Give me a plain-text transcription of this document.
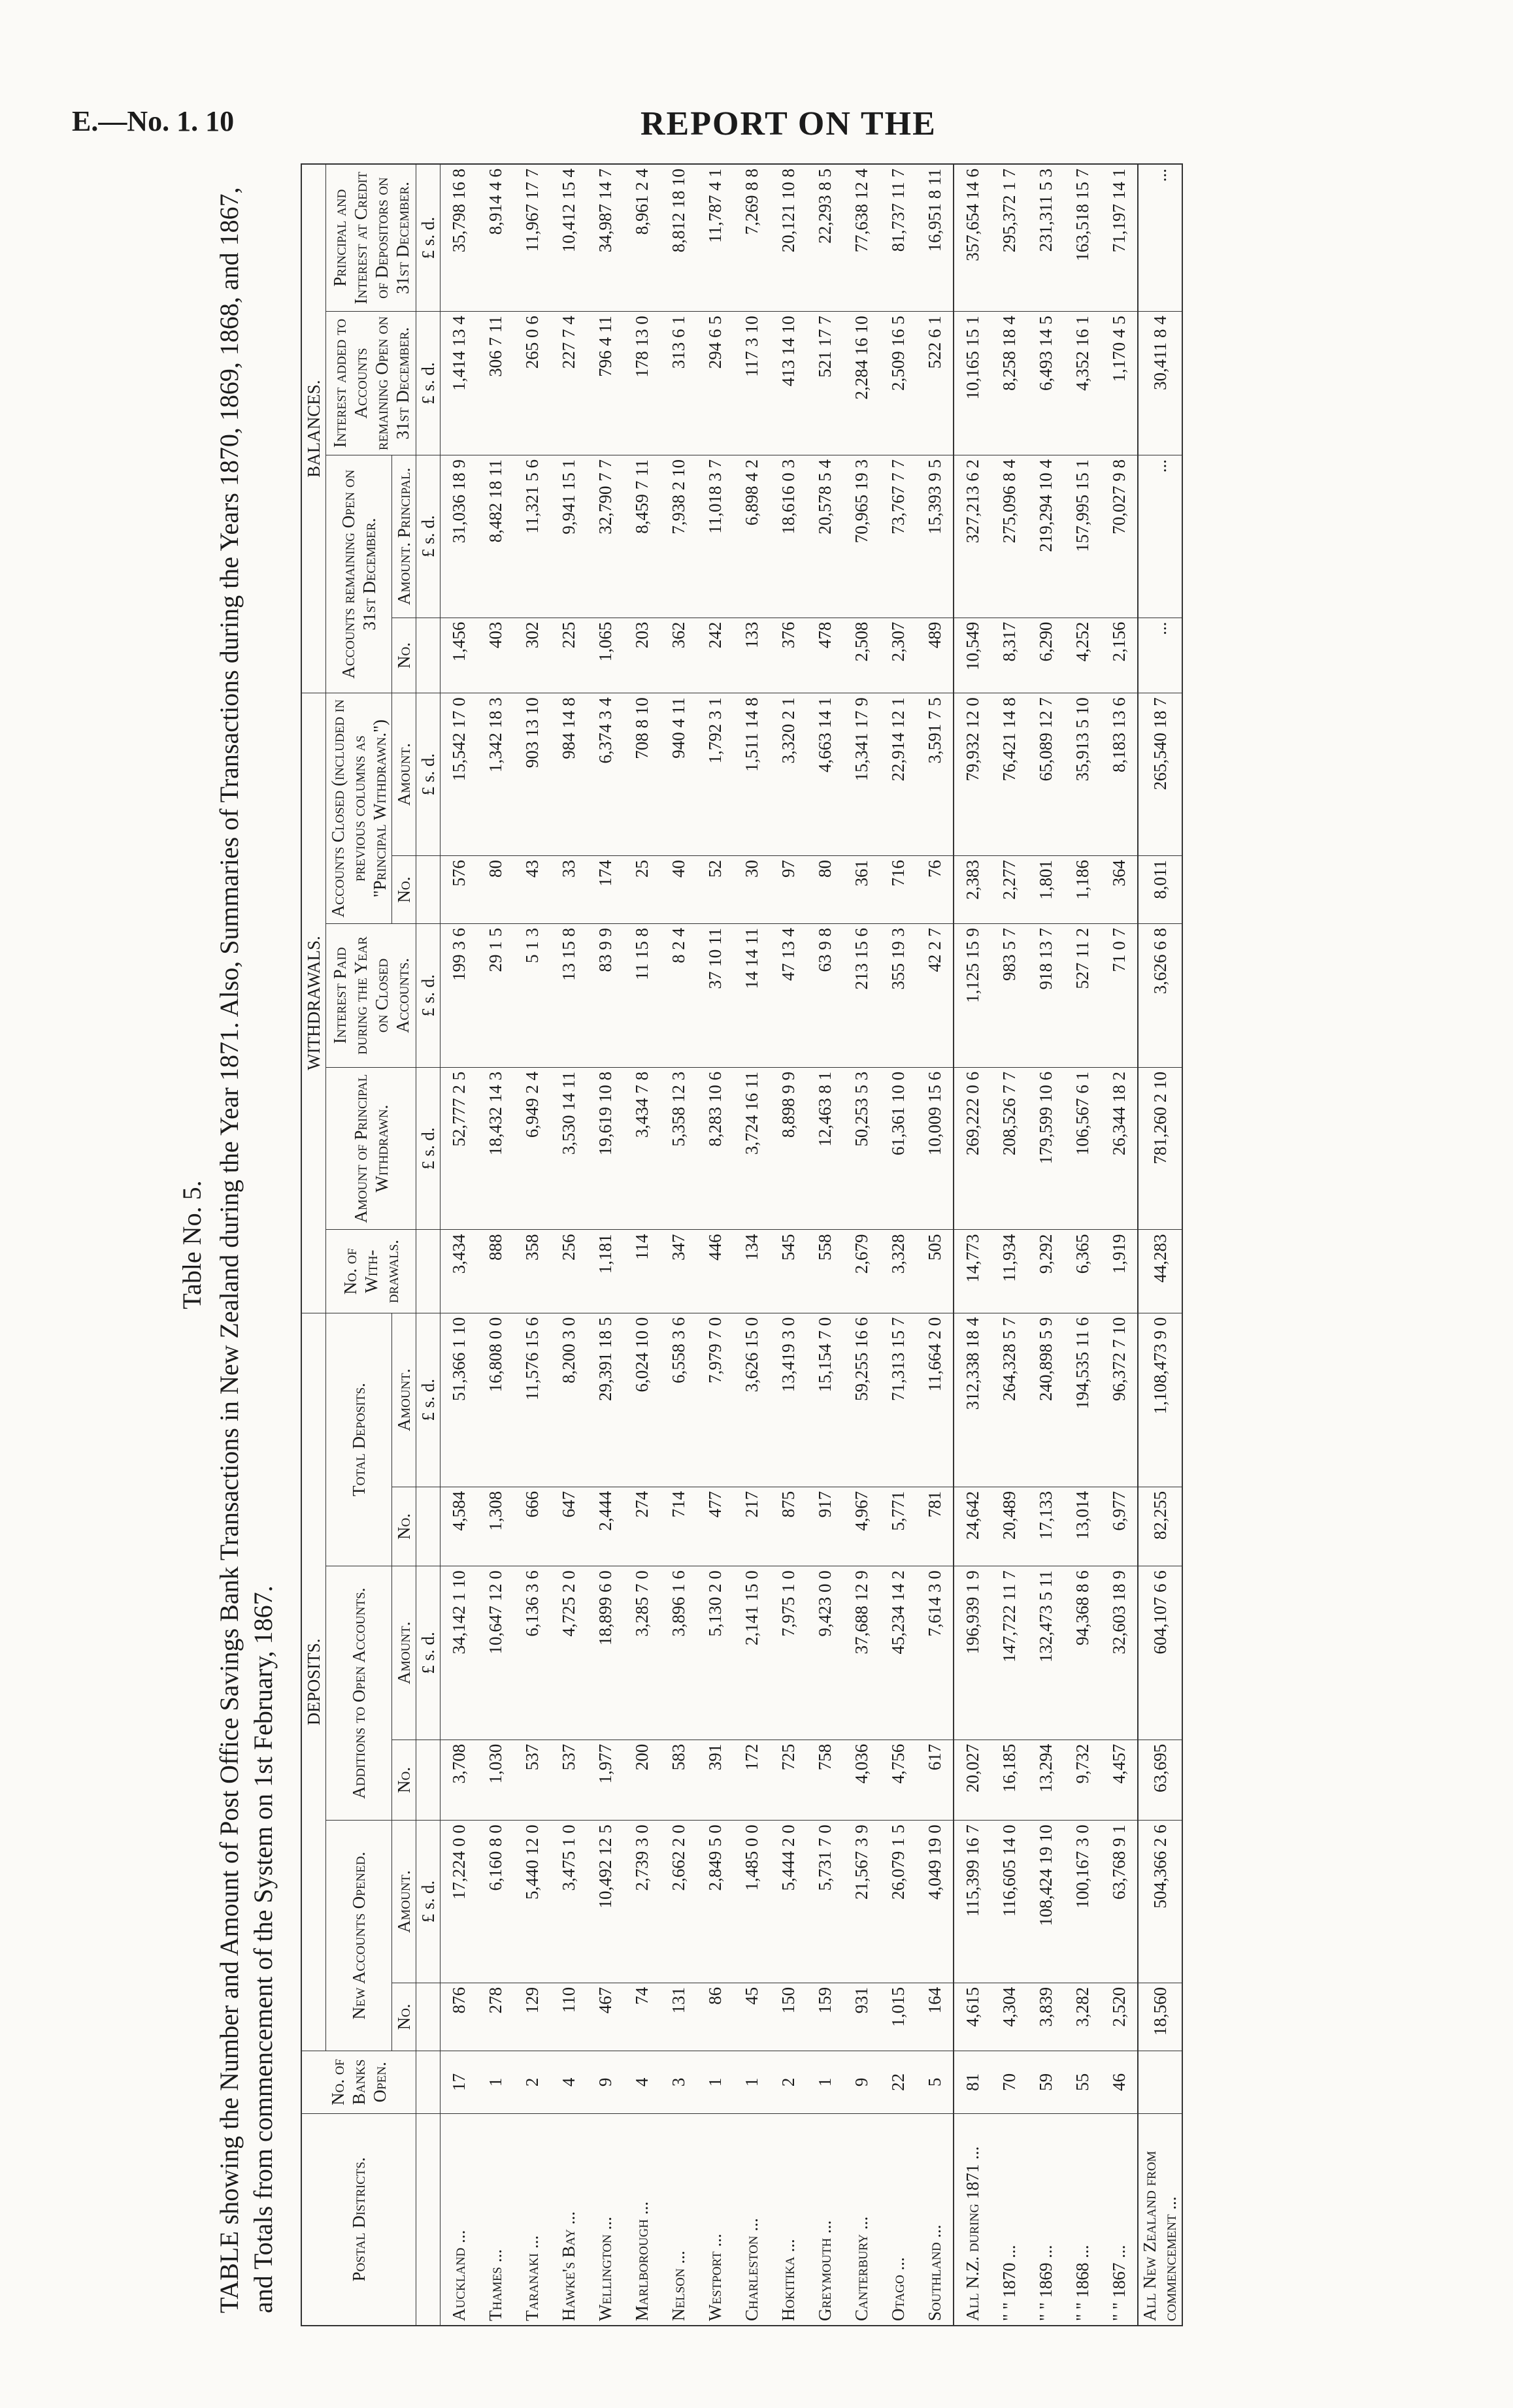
E.—No. 1. 10	REPORT ON THE
Table No. 5. TABLE showing the Number and Amount of Post Office Savings Bank Transactions in New Zealand during the Year 1871. Also, Summaries of Transactions during the Years 1870, 1869, 1868, and 1867, and Totals from commencement of the System on 1st February, 1867.	Postal Districts.	No. of Banks Open.	DEPOSITS.						WITHDRAWALS.					BALANCES.			
		New Accounts Opened.		Additions to Open Accounts.		Total Deposits.		No. of With-drawals.	Amount of Principal Withdrawn.	Interest Paid during the Year on Closed Accounts.	Accounts Closed (included in previous columns as "Principal Withdrawn.")		Accounts remaining Open on 31st December.		Interest added to Accounts remaining Open on 31st December.	Principal and Interest at Credit of Depositors on 31st December.
		No.	Amount.	No.	Amount.	No.	Amount.				No.	Amount.	No.	Amount. Principal.		
			£ s. d.		£ s. d.		£ s. d.		£ s. d.	£ s. d.		£ s. d.		£ s. d.	£ s. d.	£ s. d.
Auckland ...	17	876	17,224 0 0	3,708	34,142 1 10	4,584	51,366 1 10	3,434	52,777 2 5	199 3 6	576	15,542 17 0	1,456	31,036 18 9	1,414 13 4	35,798 16 8
Thames ...	1	278	6,160 8 0	1,030	10,647 12 0	1,308	16,808 0 0	888	18,432 14 3	29 1 5	80	1,342 18 3	403	8,482 18 11	306 7 11	8,914 4 6
Taranaki ...	2	129	5,440 12 0	537	6,136 3 6	666	11,576 15 6	358	6,949 2 4	5 1 3	43	903 13 10	302	11,321 5 6	265 0 6	11,967 17 7
Hawke's Bay ...	4	110	3,475 1 0	537	4,725 2 0	647	8,200 3 0	256	3,530 14 11	13 15 8	33	984 14 8	225	9,941 15 1	227 7 4	10,412 15 4
Wellington ...	9	467	10,492 12 5	1,977	18,899 6 0	2,444	29,391 18 5	1,181	19,619 10 8	83 9 9	174	6,374 3 4	1,065	32,790 7 7	796 4 11	34,987 14 7
Marlborough ...	4	74	2,739 3 0	200	3,285 7 0	274	6,024 10 0	114	3,434 7 8	11 15 8	25	708 8 10	203	8,459 7 11	178 13 0	8,961 2 4
Nelson ...	3	131	2,662 2 0	583	3,896 1 6	714	6,558 3 6	347	5,358 12 3	8 2 4	40	940 4 11	362	7,938 2 10	313 6 1	8,812 18 10
Westport ...	1	86	2,849 5 0	391	5,130 2 0	477	7,979 7 0	446	8,283 10 6	37 10 11	52	1,792 3 1	242	11,018 3 7	294 6 5	11,787 4 1
Charleston ...	1	45	1,485 0 0	172	2,141 15 0	217	3,626 15 0	134	3,724 16 11	14 14 11	30	1,511 14 8	133	6,898 4 2	117 3 10	7,269 8 8
Hokitika ...	2	150	5,444 2 0	725	7,975 1 0	875	13,419 3 0	545	8,898 9 9	47 13 4	97	3,320 2 1	376	18,616 0 3	413 14 10	20,121 10 8
Greymouth ...	1	159	5,731 7 0	758	9,423 0 0	917	15,154 7 0	558	12,463 8 1	63 9 8	80	4,663 14 1	478	20,578 5 4	521 17 7	22,293 8 5
Canterbury ...	9	931	21,567 3 9	4,036	37,688 12 9	4,967	59,255 16 6	2,679	50,253 5 3	213 15 6	361	15,341 17 9	2,508	70,965 19 3	2,284 16 10	77,638 12 4
Otago ...	22	1,015	26,079 1 5	4,756	45,234 14 2	5,771	71,313 15 7	3,328	61,361 10 0	355 19 3	716	22,914 12 1	2,307	73,767 7 7	2,509 16 5	81,737 11 7
Southland ...	5	164	4,049 19 0	617	7,614 3 0	781	11,664 2 0	505	10,009 15 6	42 2 7	76	3,591 7 5	489	15,393 9 5	522 6 1	16,951 8 11
All N.Z. during 1871 ...	81	4,615	115,399 16 7	20,027	196,939 1 9	24,642	312,338 18 4	14,773	269,222 0 6	1,125 15 9	2,383	79,932 12 0	10,549	327,213 6 2	10,165 15 1	357,654 14 6
" " 1870 ...	70	4,304	116,605 14 0	16,185	147,722 11 7	20,489	264,328 5 7	11,934	208,526 7 7	983 5 7	2,277	76,421 14 8	8,317	275,096 8 4	8,258 18 4	295,372 1 7
" " 1869 ...	59	3,839	108,424 19 10	13,294	132,473 5 11	17,133	240,898 5 9	9,292	179,599 10 6	918 13 7	1,801	65,089 12 7	6,290	219,294 10 4	6,493 14 5	231,311 5 3
" " 1868 ...	55	3,282	100,167 3 0	9,732	94,368 8 6	13,014	194,535 11 6	6,365	106,567 6 1	527 11 2	1,186	35,913 5 10	4,252	157,995 15 1	4,352 16 1	163,518 15 7
" " 1867 ...	46	2,520	63,768 9 1	4,457	32,603 18 9	6,977	96,372 7 10	1,919	26,344 18 2	71 0 7	364	8,183 13 6	2,156	70,027 9 8	1,170 4 5	71,197 14 1
All New Zealand from commencement ...		18,560	504,366 2 6	63,695	604,107 6 6	82,255	1,108,473 9 0	44,283	781,260 2 10	3,626 6 8	8,011	265,540 18 7	...	...	30,411 8 4	...
